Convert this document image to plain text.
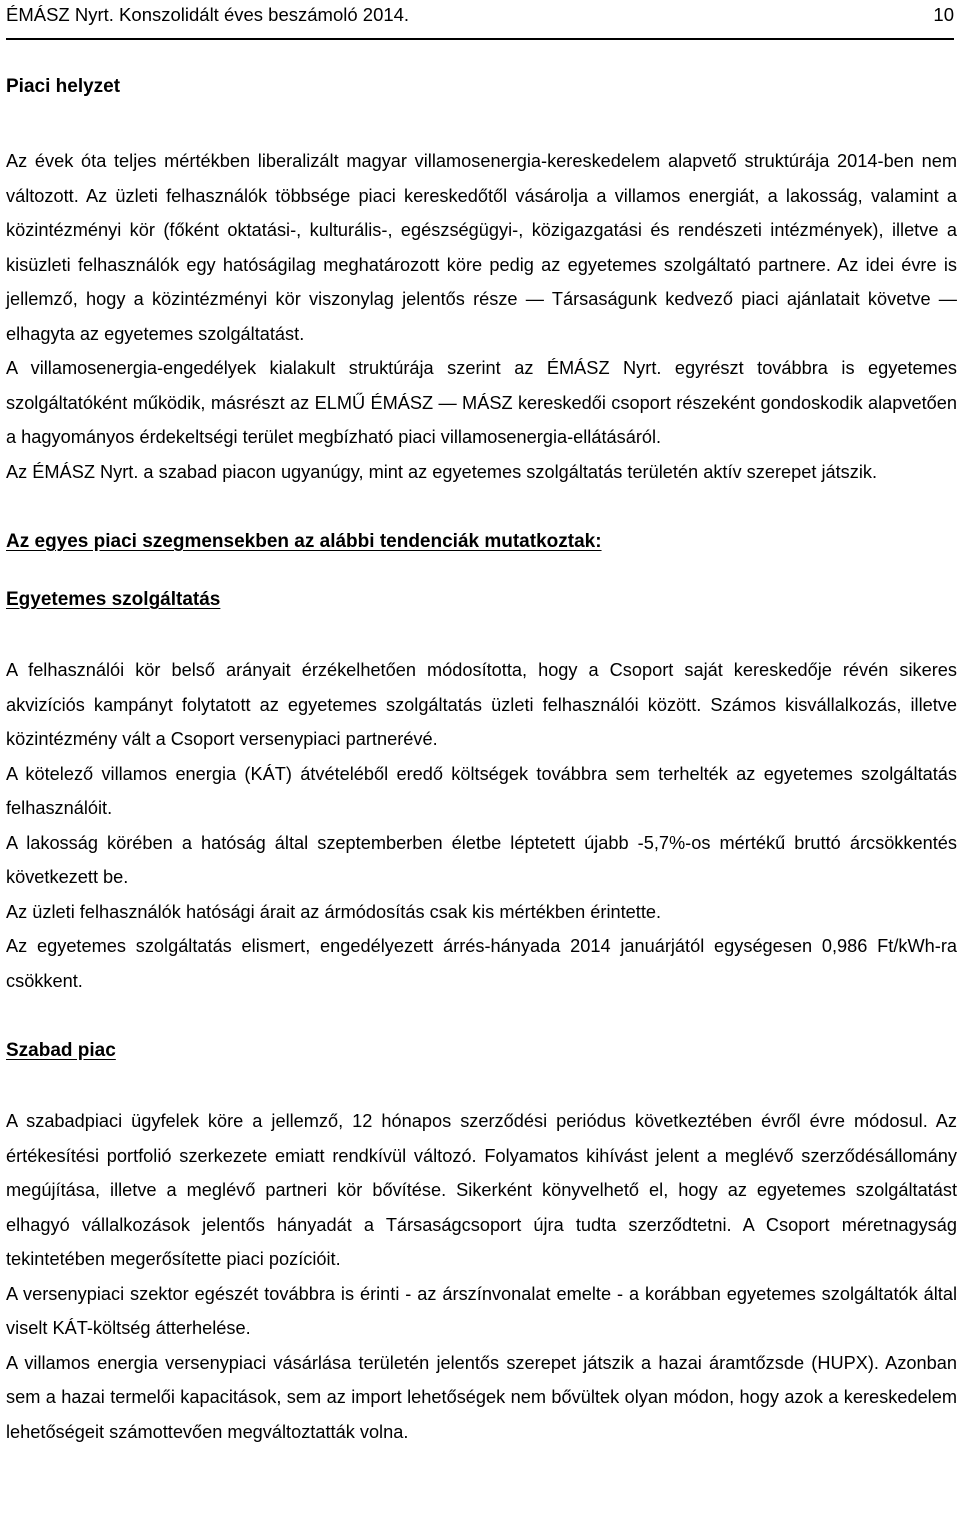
ÉMÁSZ Nyrt. Konszolidált éves beszámoló 2014.	10
Piaci helyzet

Az évek óta teljes mértékben liberalizált magyar villamosenergia-kereskedelem alapvető struktúrája 2014-ben nem változott. Az üzleti felhasználók többsége piaci kereskedőtől vásárolja a villamos energiát, a lakosság, valamint a közintézményi kör (főként oktatási-, kulturális-, egészségügyi-, közigazgatási és rendészeti intézmények), illetve a kisüzleti felhasználók egy hatóságilag meghatározott köre pedig az egyetemes szolgáltató partnere. Az idei évre is jellemző, hogy a közintézményi kör viszonylag jelentős része — Társaságunk kedvező piaci ajánlatait követve — elhagyta az egyetemes szolgáltatást.

A villamosenergia-engedélyek kialakult struktúrája szerint az ÉMÁSZ Nyrt. egyrészt továbbra is egyetemes szolgáltatóként működik, másrészt az ELMŰ ÉMÁSZ — MÁSZ kereskedői csoport részeként gondoskodik alapvetően a hagyományos érdekeltségi terület megbízható piaci villamosenergia-ellátásáról.

Az ÉMÁSZ Nyrt. a szabad piacon ugyanúgy, mint az egyetemes szolgáltatás területén aktív szerepet játszik.

Az egyes piaci szegmensekben az alábbi tendenciák mutatkoztak:
Egyetemes szolgáltatás

A felhasználói kör belső arányait érzékelhetően módosította, hogy a Csoport saját kereskedője révén sikeres akvizíciós kampányt folytatott az egyetemes szolgáltatás üzleti felhasználói között. Számos kisvállalkozás, illetve közintézmény vált a Csoport versenypiaci partnerévé.

A kötelező villamos energia (KÁT) átvételéből eredő költségek továbbra sem terhelték az egyetemes szolgáltatás felhasználóit.

A lakosság körében a hatóság által szeptemberben életbe léptetett újabb -5,7%-os mértékű bruttó árcsökkentés következett be.

Az üzleti felhasználók hatósági árait az ármódosítás csak kis mértékben érintette.

Az egyetemes szolgáltatás elismert, engedélyezett árrés-hányada 2014 januárjától egységesen 0,986 Ft/kWh-ra csökkent.

Szabad piac

A szabadpiaci ügyfelek köre a jellemző, 12 hónapos szerződési periódus következtében évről évre módosul. Az értékesítési portfolió szerkezete emiatt rendkívül változó. Folyamatos kihívást jelent a meglévő szerződésállomány megújítása, illetve a meglévő partneri kör bővítése. Sikerként könyvelhető el, hogy az egyetemes szolgáltatást elhagyó vállalkozások jelentős hányadát a Társaságcsoport újra tudta szerződtetni. A Csoport méretnagyság tekintetében megerősítette piaci pozícióit.

A versenypiaci szektor egészét továbbra is érinti - az árszínvonalat emelte - a korábban egyetemes szolgáltatók által viselt KÁT-költség átterhelése.

A villamos energia versenypiaci vásárlása területén jelentős szerepet játszik a hazai áramtőzsde (HUPX). Azonban sem a hazai termelői kapacitások, sem az import lehetőségek nem bővültek olyan módon, hogy azok a kereskedelem lehetőségeit számottevően megváltoztatták volna.
